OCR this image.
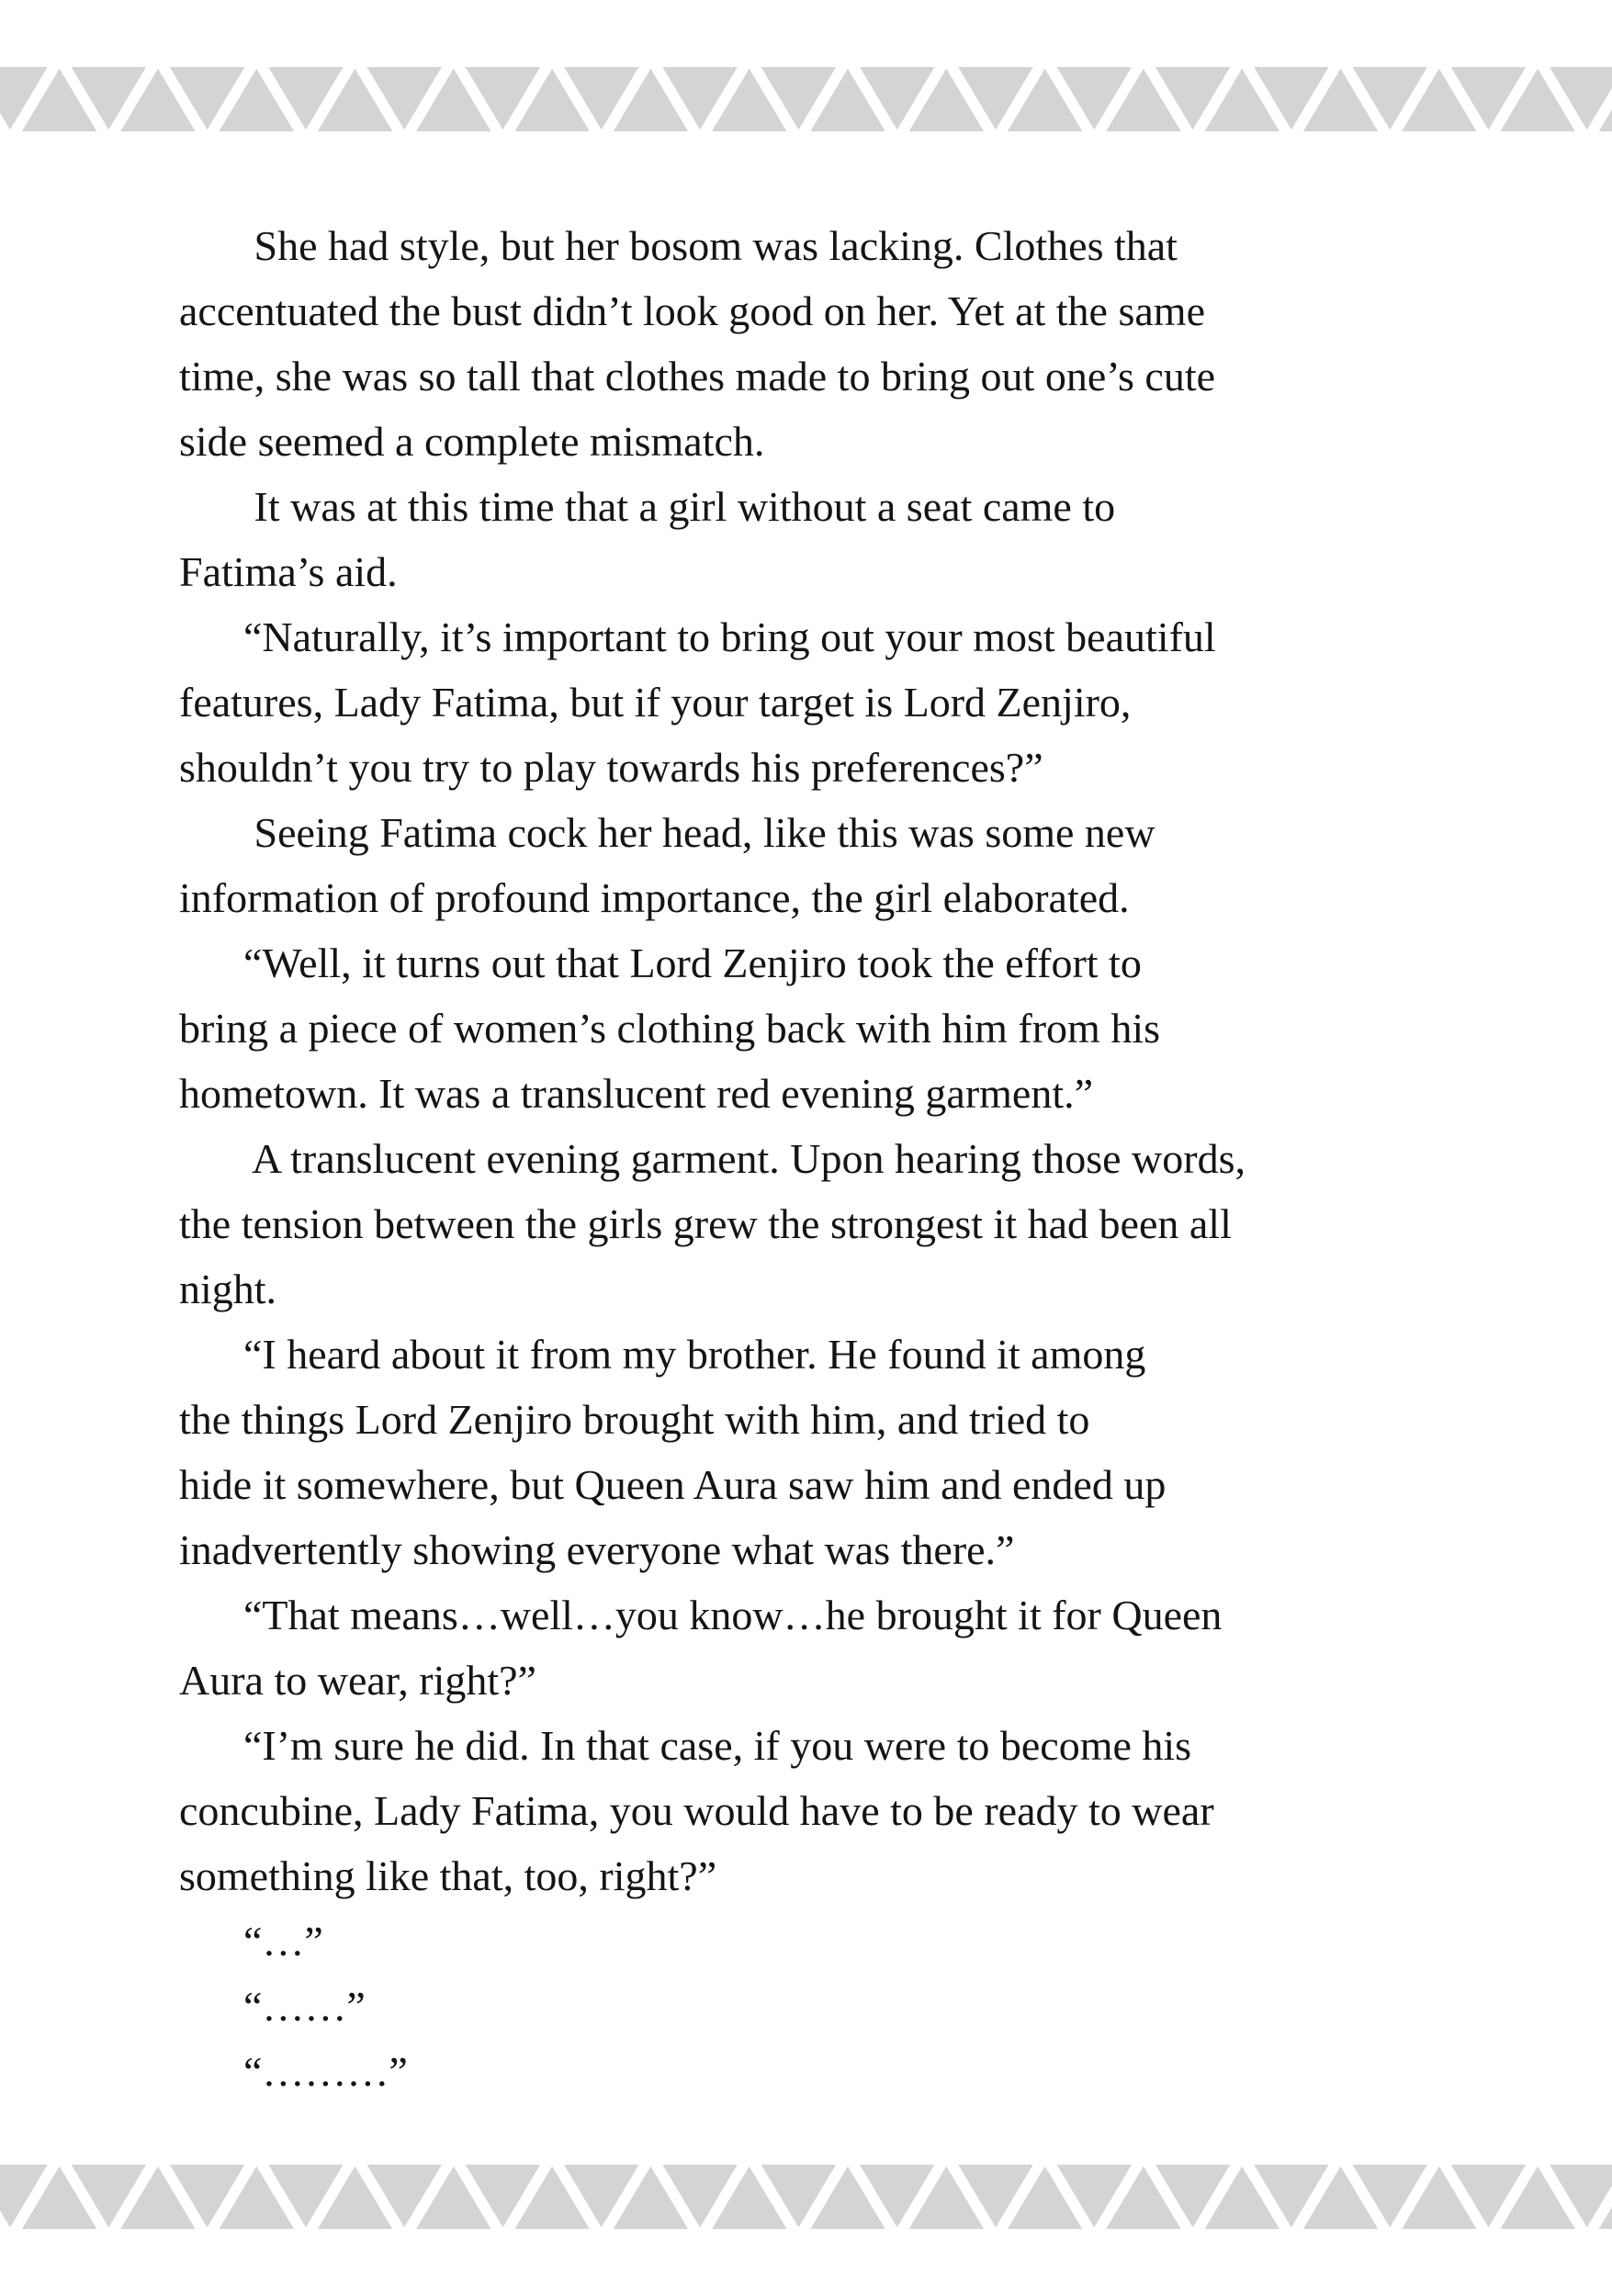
She had style, but her bosom was lacking. Clothes that
accentuated the bust didn’t look good on her. Yet at the same
time, she was so tall that clothes made to bring out one’s cute
side seemed a complete mismatch.
It was at this time that a girl without a seat came to
Fatima’s aid.
“Naturally, it’s important to bring out your most beautiful
features, Lady Fatima, but if your target is Lord Zenjiro,
shouldn’t you try to play towards his preferences?”
Seeing Fatima cock her head, like this was some new
information of profound importance, the girl elaborated.
“Well, it turns out that Lord Zenjiro took the effort to
bring a piece of women’s clothing back with him from his
hometown. It was a translucent red evening garment.”
A translucent evening garment. Upon hearing those words,
the tension between the girls grew the strongest it had been all
night.
“I heard about it from my brother. He found it among
the things Lord Zenjiro brought with him, and tried to
hide it somewhere, but Queen Aura saw him and ended up
inadvertently showing everyone what was there.”
“That means…well…you know…he brought it for Queen
Aura to wear, right?”
“I’m sure he did. In that case, if you were to become his
concubine, Lady Fatima, you would have to be ready to wear
something like that, too, right?”
“…”
“……”
“………”
